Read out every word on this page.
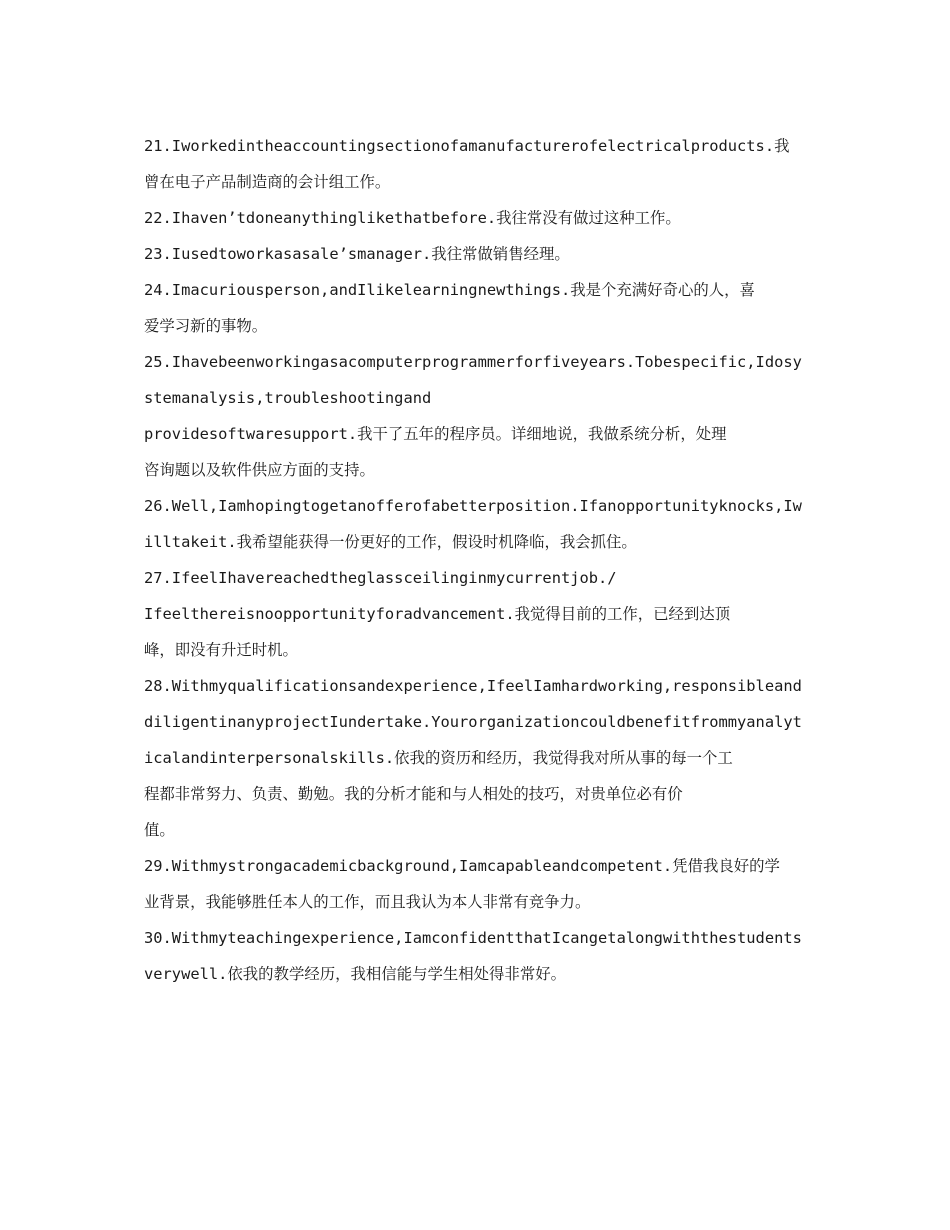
21.Iworkedintheaccountingsectionofamanufacturerofelectricalproducts.我
曾在电子产品制造商的会计组工作。
22.Ihaven’tdoneanythinglikethatbefore.我往常没有做过这种工作。
23.Iusedtoworkasasale’smanager.我往常做销售经理。
24.Imacuriousperson,andIlikelearningnewthings.我是个充满好奇心的人，喜
爱学习新的事物。
25.Ihavebeenworkingasacomputerprogrammerforfiveyears.Tobespecific,Idosy
stemanalysis,troubleshootingand
providesoftwaresupport.我干了五年的程序员。详细地说，我做系统分析，处理
咨询题以及软件供应方面的支持。
26.Well,Iamhopingtogetanofferofabetterposition.Ifanopportunityknocks,Iw
illtakeit.我希望能获得一份更好的工作，假设时机降临，我会抓住。
27.IfeelIhavereachedtheglassceilinginmycurrentjob./
Ifeelthereisnoopportunityforadvancement.我觉得目前的工作，已经到达顶
峰，即没有升迁时机。
28.Withmyqualificationsandexperience,IfeelIamhardworking,responsibleand
diligentinanyprojectIundertake.Yourorganizationcouldbenefitfrommyanalyt
icalandinterpersonalskills.依我的资历和经历，我觉得我对所从事的每一个工
程都非常努力、负责、勤勉。我的分析才能和与人相处的技巧，对贵单位必有价
值。
29.Withmystrongacademicbackground,Iamcapableandcompetent.凭借我良好的学
业背景，我能够胜任本人的工作，而且我认为本人非常有竞争力。
30.Withmyteachingexperience,IamconfidentthatIcangetalongwiththestudents
verywell.依我的教学经历，我相信能与学生相处得非常好。
